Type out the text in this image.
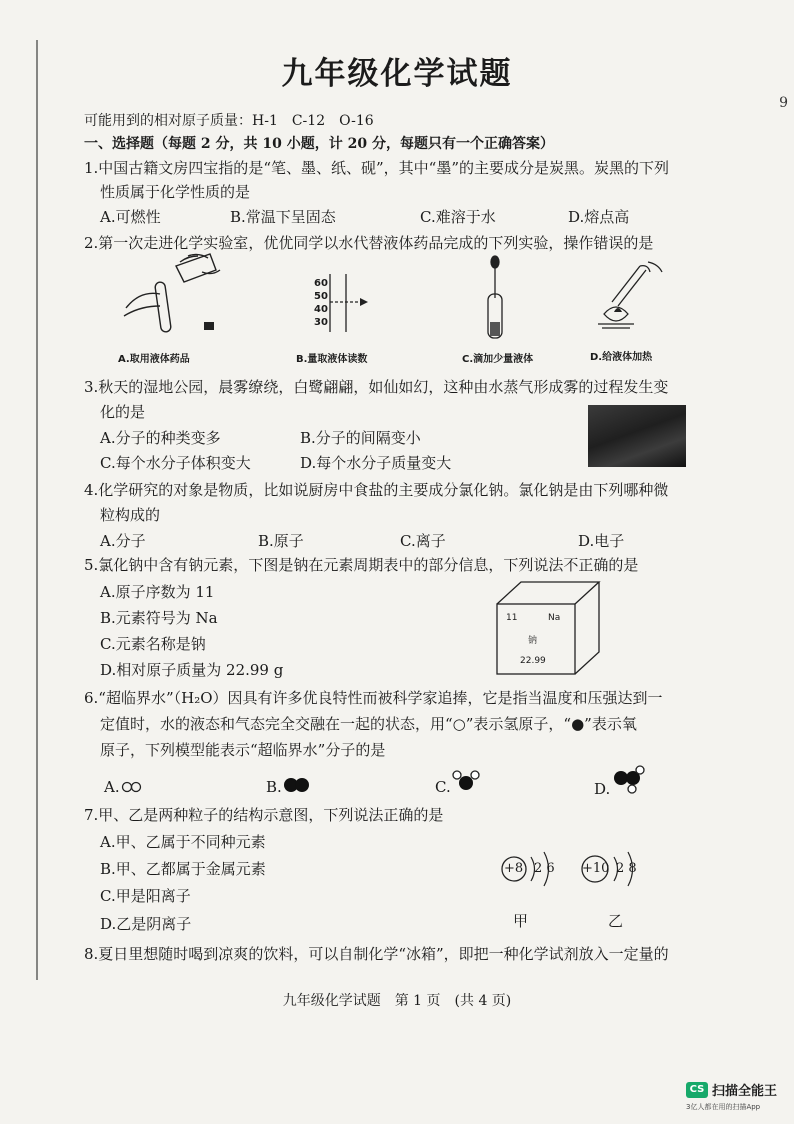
9
九年级化学试题
可能用到的相对原子质量：H-1　C-12　O-16
一、选择题（每题 2 分，共 10 小题，计 20 分，每题只有一个正确答案）
1.中国古籍文房四宝指的是“笔、墨、纸、砚”，其中“墨”的主要成分是炭黑。炭黑的下列
性质属于化学性质的是
A.可燃性	B.常温下呈固态	C.难溶于水	D.熔点高
2.第一次走进化学实验室，优优同学以水代替液体药品完成的下列实验，操作错误的是
A.取用液体药品
60
50
40
30
B.量取液体读数	C.滴加少量液体	D.给液体加热
3.秋天的湿地公园，晨雾缭绕，白鹭翩翩，如仙如幻，这种由水蒸气形成雾的过程发生变
化的是
A.分子的种类变多	B.分子的间隔变小
C.每个水分子体积变大	D.每个水分子质量变大
4.化学研究的对象是物质，比如说厨房中食盐的主要成分氯化钠。氯化钠是由下列哪种微
粒构成的
A.分子	B.原子	C.离子	D.电子
5.氯化钠中含有钠元素，下图是钠在元素周期表中的部分信息，下列说法不正确的是
A.原子序数为 11
B.元素符号为 Na
C.元素名称是钠
D.相对原子质量为 22.99 g
11	Na
钠
22.99
6.“超临界水”（H₂O）因具有许多优良特性而被科学家追捧，它是指当温度和压强达到一
定值时，水的液态和气态完全交融在一起的状态，用“○”表示氢原子，“●”表示氧
原子，下列模型能表示“超临界水”分子的是
A.	B.	C.	D.
7.甲、乙是两种粒子的结构示意图，下列说法正确的是
A.甲、乙属于不同种元素
B.甲、乙都属于金属元素
C.甲是阳离子
D.乙是阴离子
+8 2 6
甲
+10 2 8
乙
8.夏日里想随时喝到凉爽的饮料，可以自制化学“冰箱”，即把一种化学试剂放入一定量的
九年级化学试题　第 1 页　(共 4 页)
CS 扫描全能王
3亿人都在用的扫描App
